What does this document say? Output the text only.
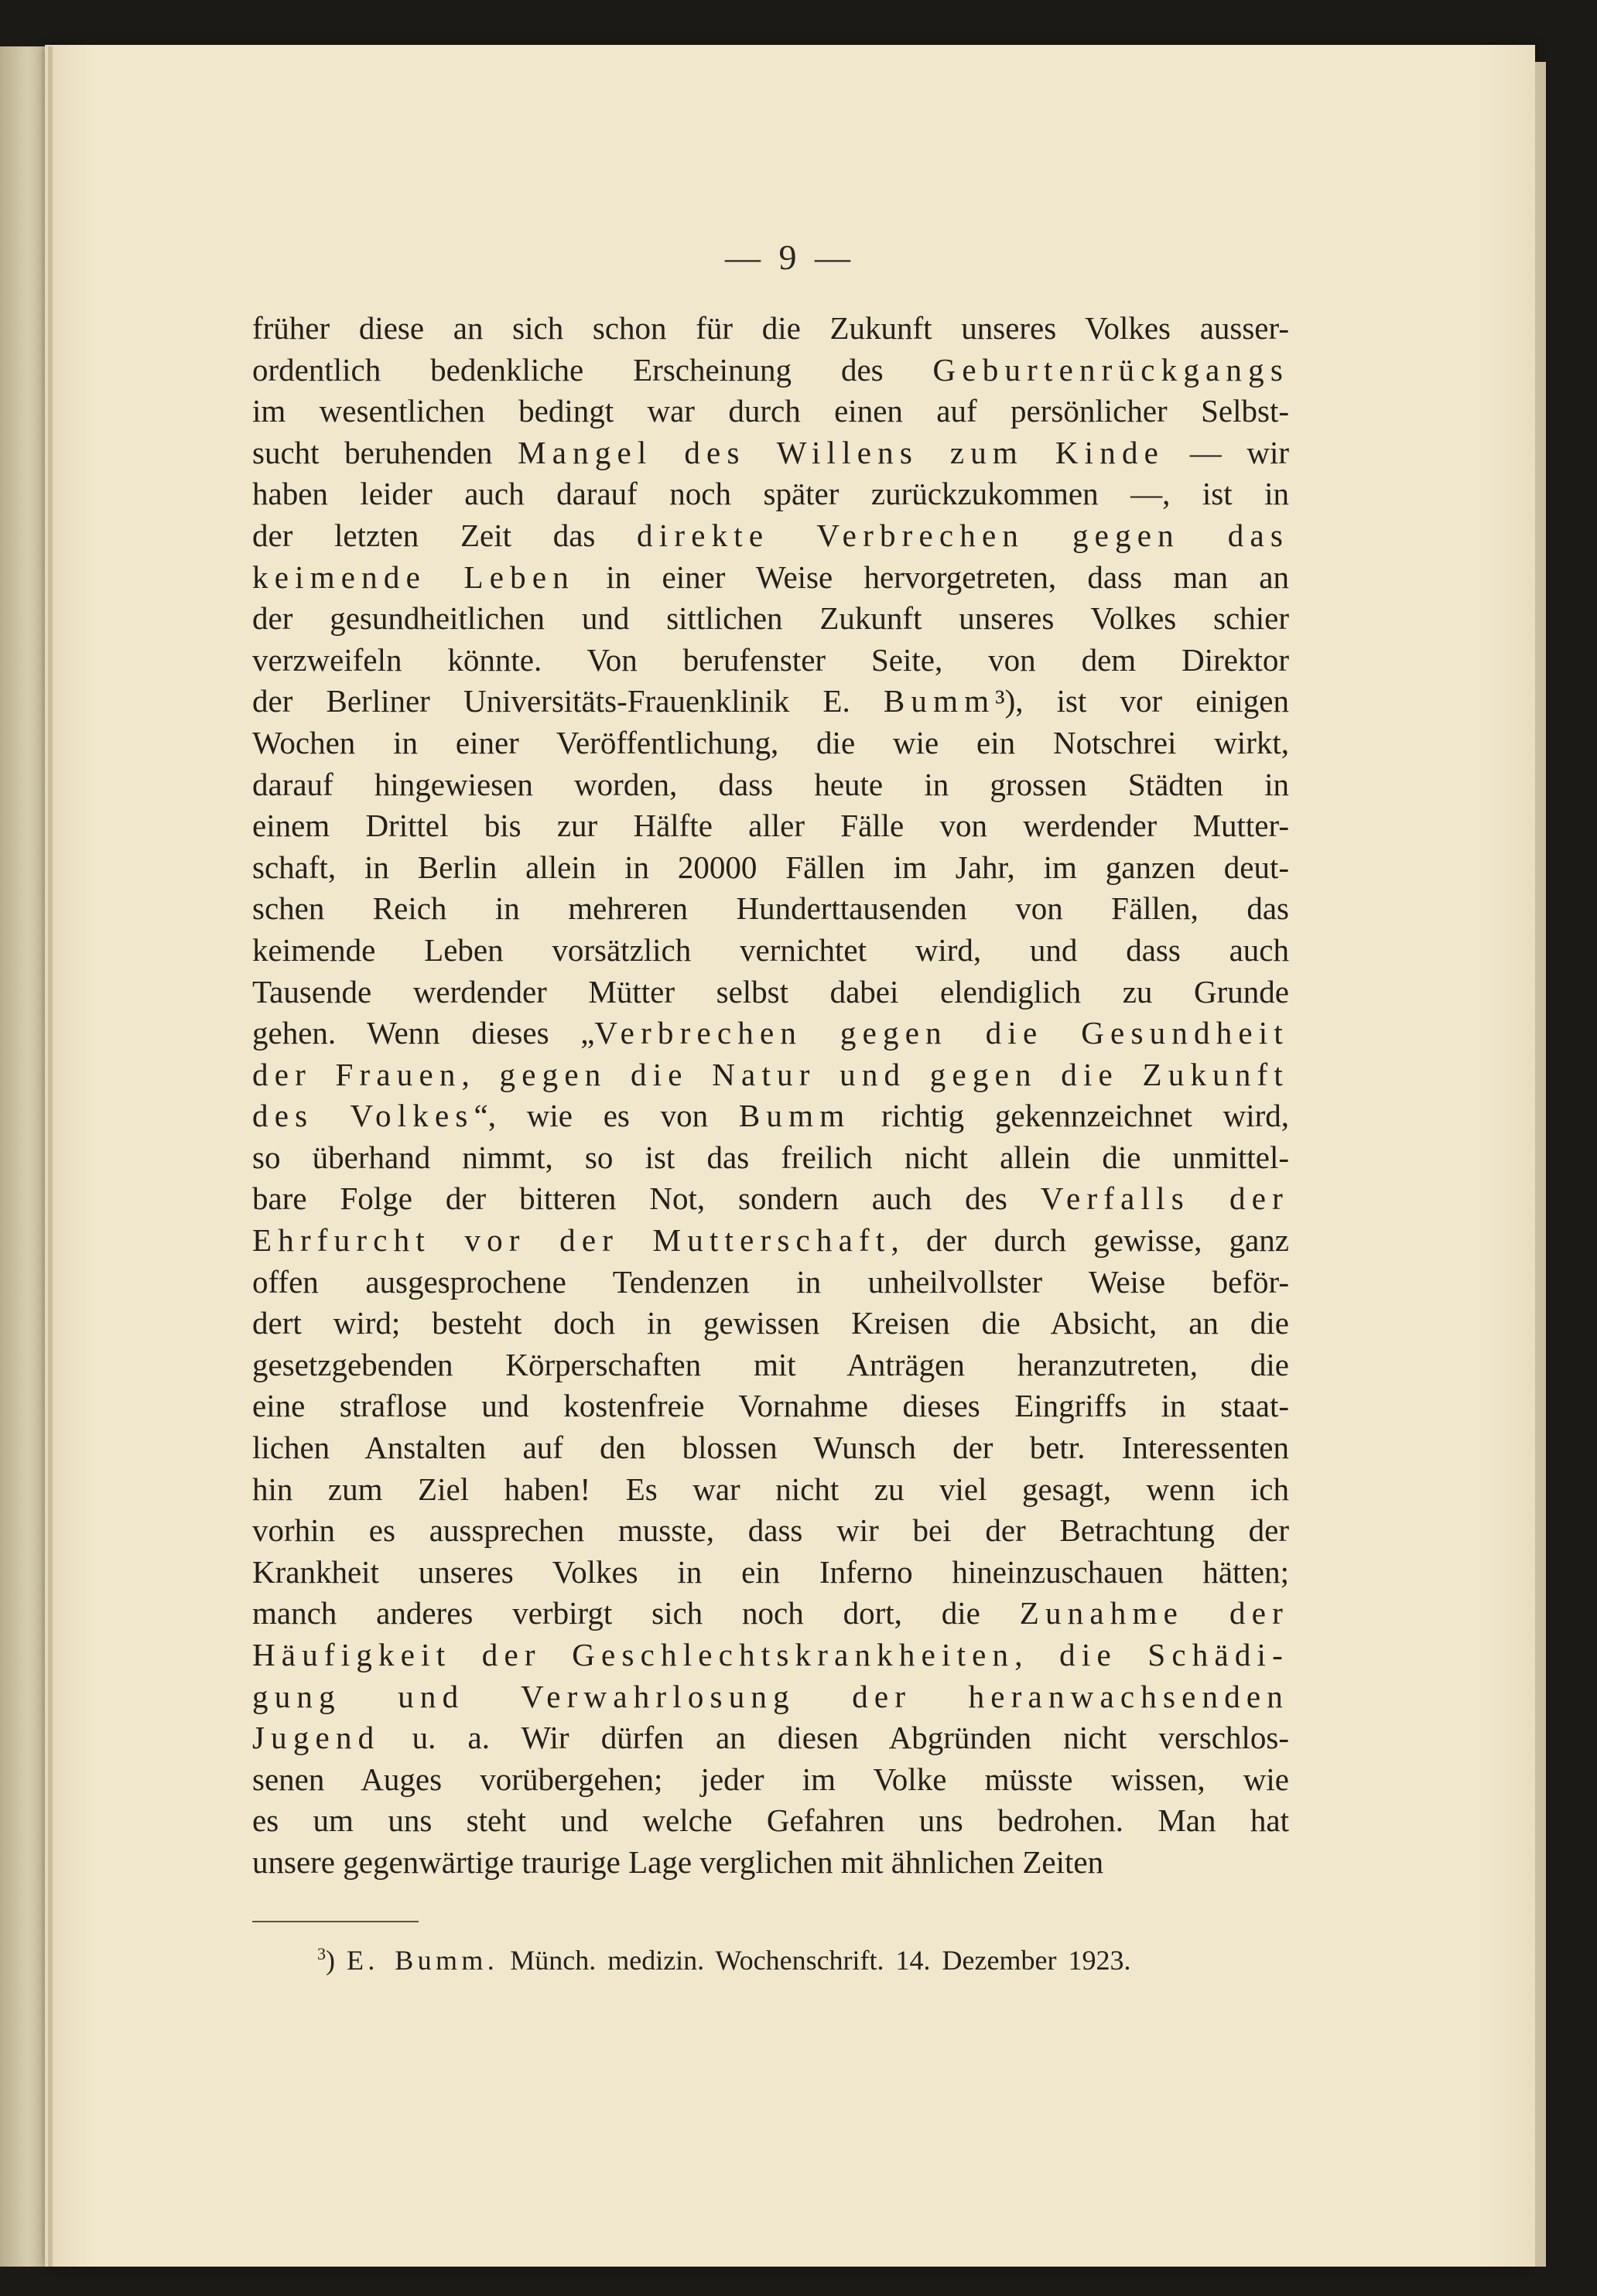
— 9 —
früher diese an sich schon für die Zukunft unseres Volkes ausser-
ordentlich bedenkliche Erscheinung des Geburtenrückgangs
im wesentlichen bedingt war durch einen auf persönlicher Selbst-
sucht beruhenden Mangel des Willens zum Kinde — wir
haben leider auch darauf noch später zurückzukommen —, ist in
der letzten Zeit das direkte Verbrechen gegen das
keimende Leben in einer Weise hervorgetreten, dass man an
der gesundheitlichen und sittlichen Zukunft unseres Volkes schier
verzweifeln könnte. Von berufenster Seite, von dem Direktor
der Berliner Universitäts-Frauenklinik E. Bumm³), ist vor einigen
Wochen in einer Veröffentlichung, die wie ein Notschrei wirkt,
darauf hingewiesen worden, dass heute in grossen Städten in
einem Drittel bis zur Hälfte aller Fälle von werdender Mutter-
schaft, in Berlin allein in 20000 Fällen im Jahr, im ganzen deut-
schen Reich in mehreren Hunderttausenden von Fällen, das
keimende Leben vorsätzlich vernichtet wird, und dass auch
Tausende werdender Mütter selbst dabei elendiglich zu Grunde
gehen. Wenn dieses „Verbrechen gegen die Gesundheit
der Frauen, gegen die Natur und gegen die Zukunft
des Volkes“, wie es von Bumm richtig gekennzeichnet wird,
so überhand nimmt, so ist das freilich nicht allein die unmittel-
bare Folge der bitteren Not, sondern auch des Verfalls der
Ehrfurcht vor der Mutterschaft, der durch gewisse, ganz
offen ausgesprochene Tendenzen in unheilvollster Weise beför-
dert wird; besteht doch in gewissen Kreisen die Absicht, an die
gesetzgebenden Körperschaften mit Anträgen heranzutreten, die
eine straflose und kostenfreie Vornahme dieses Eingriffs in staat-
lichen Anstalten auf den blossen Wunsch der betr. Interessenten
hin zum Ziel haben! Es war nicht zu viel gesagt, wenn ich
vorhin es aussprechen musste, dass wir bei der Betrachtung der
Krankheit unseres Volkes in ein Inferno hineinzuschauen hätten;
manch anderes verbirgt sich noch dort, die Zunahme der
Häufigkeit der Geschlechtskrankheiten, die Schädi-
gung und Verwahrlosung der heranwachsenden
Jugend u. a. Wir dürfen an diesen Abgründen nicht verschlos-
senen Auges vorübergehen; jeder im Volke müsste wissen, wie
es um uns steht und welche Gefahren uns bedrohen. Man hat
unsere gegenwärtige traurige Lage verglichen mit ähnlichen Zeiten
$^3$) E. Bumm. Münch. medizin. Wochenschrift. 14. Dezember 1923.
